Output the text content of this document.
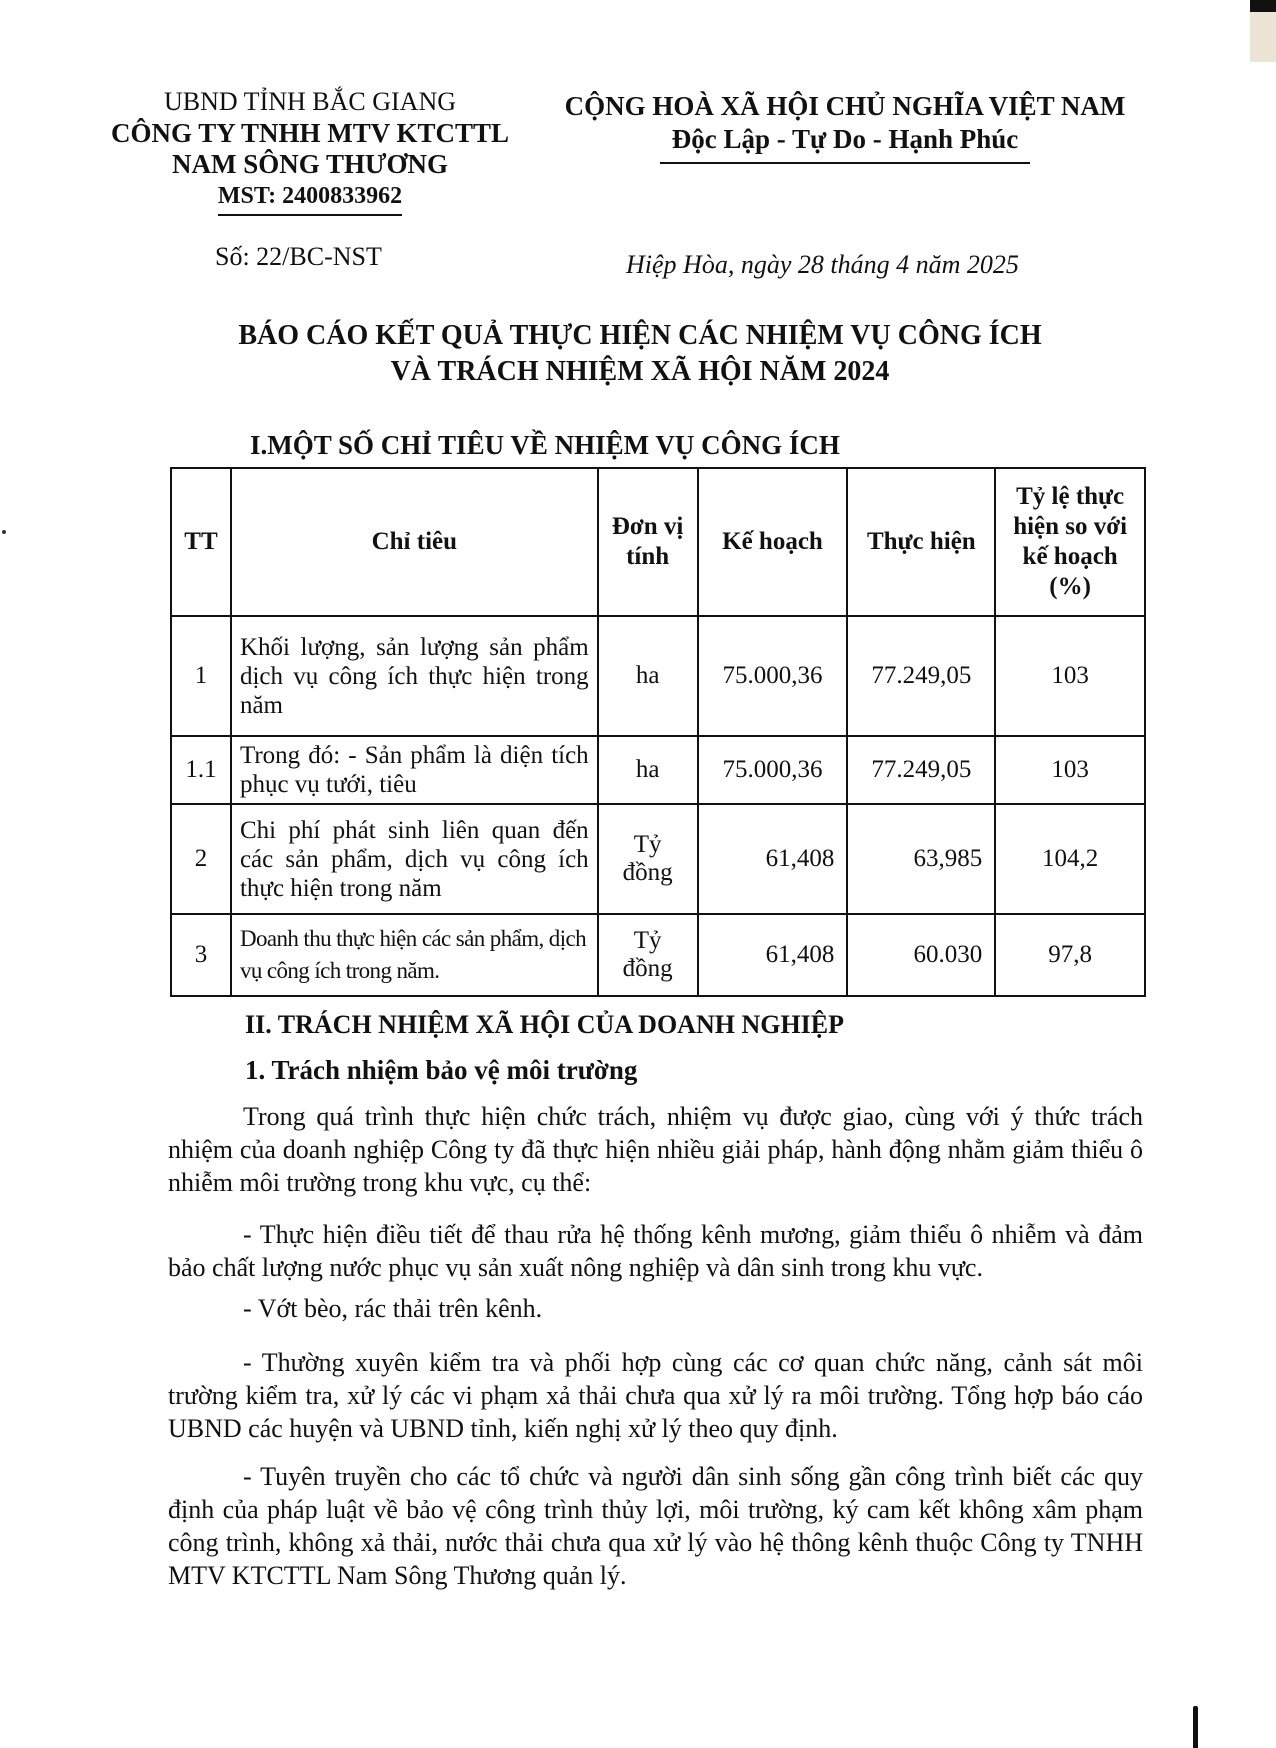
UBND TỈNH BẮC GIANG
CÔNG TY TNHH MTV KTCTTL
NAM SÔNG THƯƠNG
MST: 2400833962
CỘNG HOÀ XÃ HỘI CHỦ NGHĨA VIỆT NAM
Độc Lập - Tự Do - Hạnh Phúc
Số: 22/BC-NST	Hiệp Hòa, ngày 28 tháng 4 năm 2025
BÁO CÁO KẾT QUẢ THỰC HIỆN CÁC NHIỆM VỤ CÔNG ÍCH
VÀ TRÁCH NHIỆM XÃ HỘI NĂM 2024
I.MỘT SỐ CHỈ TIÊU VỀ NHIỆM VỤ CÔNG ÍCH
TT	Chỉ tiêu	Đơn vị tính	Kế hoạch	Thực hiện	Tỷ lệ thực hiện so với kế hoạch (%)
1	Khối lượng, sản lượng sản phẩm dịch vụ công ích thực hiện trong năm	ha	75.000,36	77.249,05	103
1.1	Trong đó: - Sản phẩm là diện tích phục vụ tưới, tiêu	ha	75.000,36	77.249,05	103
2	Chi phí phát sinh liên quan đến các sản phẩm, dịch vụ công ích thực hiện trong năm	Tỷ đồng	61,408	63,985	104,2
3	Doanh thu thực hiện các sản phẩm, dịch vụ công ích trong năm.	Tỷ đồng	61,408	60.030	97,8
II. TRÁCH NHIỆM XÃ HỘI CỦA DOANH NGHIỆP
1. Trách nhiệm bảo vệ môi trường

Trong quá trình thực hiện chức trách, nhiệm vụ được giao, cùng với ý thức trách nhiệm của doanh nghiệp Công ty đã thực hiện nhiều giải pháp, hành động nhằm giảm thiểu ô nhiễm môi trường trong khu vực, cụ thể:

- Thực hiện điều tiết để thau rửa hệ thống kênh mương, giảm thiểu ô nhiễm và đảm bảo chất lượng nước phục vụ sản xuất nông nghiệp và dân sinh trong khu vực.

- Vớt bèo, rác thải trên kênh.

- Thường xuyên kiểm tra và phối hợp cùng các cơ quan chức năng, cảnh sát môi trường kiểm tra, xử lý các vi phạm xả thải chưa qua xử lý ra môi trường. Tổng hợp báo cáo UBND các huyện và UBND tỉnh, kiến nghị xử lý theo quy định.

- Tuyên truyền cho các tổ chức và người dân sinh sống gần công trình biết các quy định của pháp luật về bảo vệ công trình thủy lợi, môi trường, ký cam kết không xâm phạm công trình, không xả thải, nước thải chưa qua xử lý vào hệ thông kênh thuộc Công ty TNHH MTV KTCTTL Nam Sông Thương quản lý.
